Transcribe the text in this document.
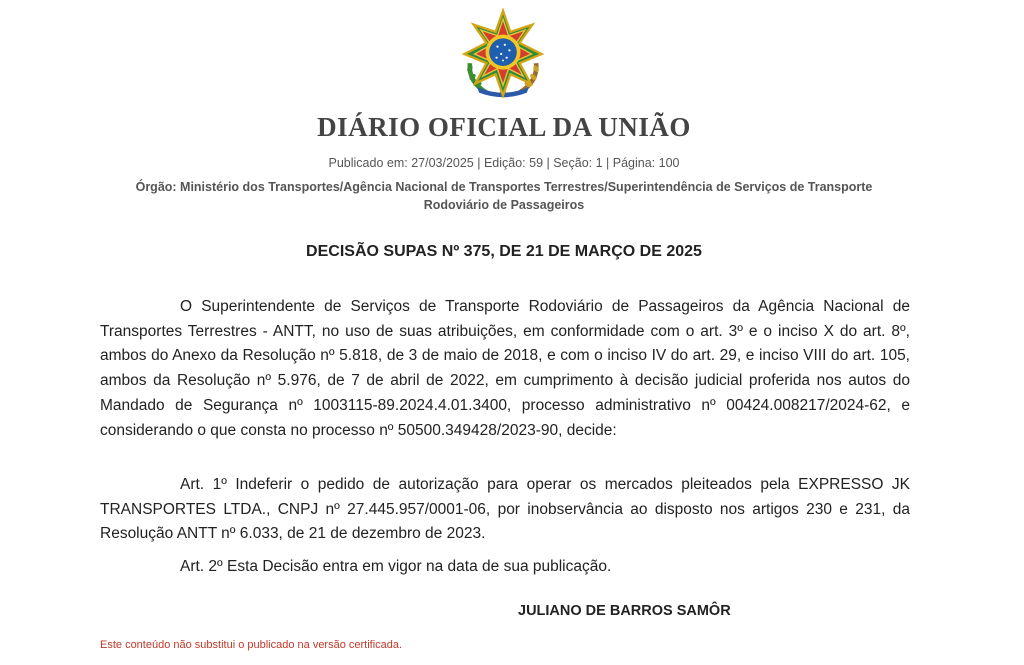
DIÁRIO OFICIAL DA UNIÃO
Publicado em: 27/03/2025 | Edição: 59 | Seção: 1 | Página: 100
Órgão: Ministério dos Transportes/Agência Nacional de Transportes Terrestres/Superintendência de Serviços de Transporte Rodoviário de Passageiros
DECISÃO SUPAS Nº 375, DE 21 DE MARÇO DE 2025
O Superintendente de Serviços de Transporte Rodoviário de Passageiros da Agência Nacional de Transportes Terrestres - ANTT, no uso de suas atribuições, em conformidade com o art. 3º e o inciso X do art. 8º, ambos do Anexo da Resolução nº 5.818, de 3 de maio de 2018, e com o inciso IV do art. 29, e inciso VIII do art. 105, ambos da Resolução nº 5.976, de 7 de abril de 2022, em cumprimento à decisão judicial proferida nos autos do Mandado de Segurança nº 1003115-89.2024.4.01.3400, processo administrativo nº 00424.008217/2024-62, e considerando o que consta no processo nº 50500.349428/2023-90, decide:
Art. 1º Indeferir o pedido de autorização para operar os mercados pleiteados pela EXPRESSO JK TRANSPORTES LTDA., CNPJ nº 27.445.957/0001-06, por inobservância ao disposto nos artigos 230 e 231, da Resolução ANTT nº 6.033, de 21 de dezembro de 2023.
Art. 2º Esta Decisão entra em vigor na data de sua publicação.
JULIANO DE BARROS SAMÔR
Este conteúdo não substitui o publicado na versão certificada.
